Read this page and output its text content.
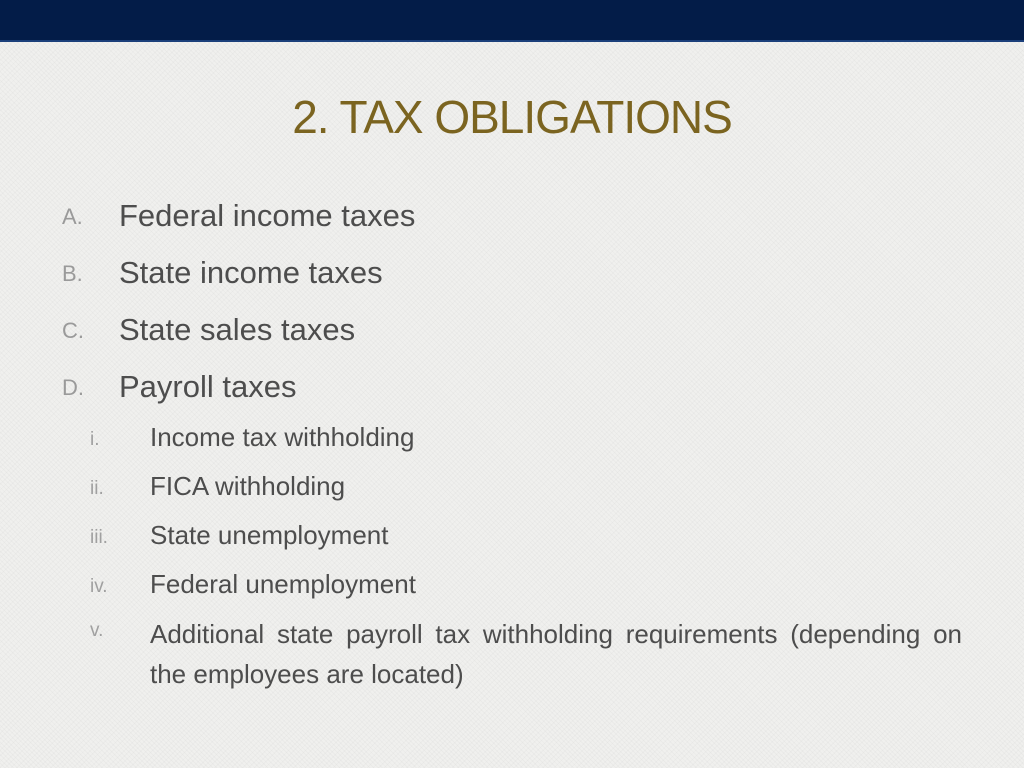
2. TAX OBLIGATIONS
A. Federal income taxes
B. State income taxes
C. State sales taxes
D. Payroll taxes
i. Income tax withholding
ii. FICA withholding
iii. State unemployment
iv. Federal unemployment
v. Additional state payroll tax withholding requirements (depending on the employees are located)
